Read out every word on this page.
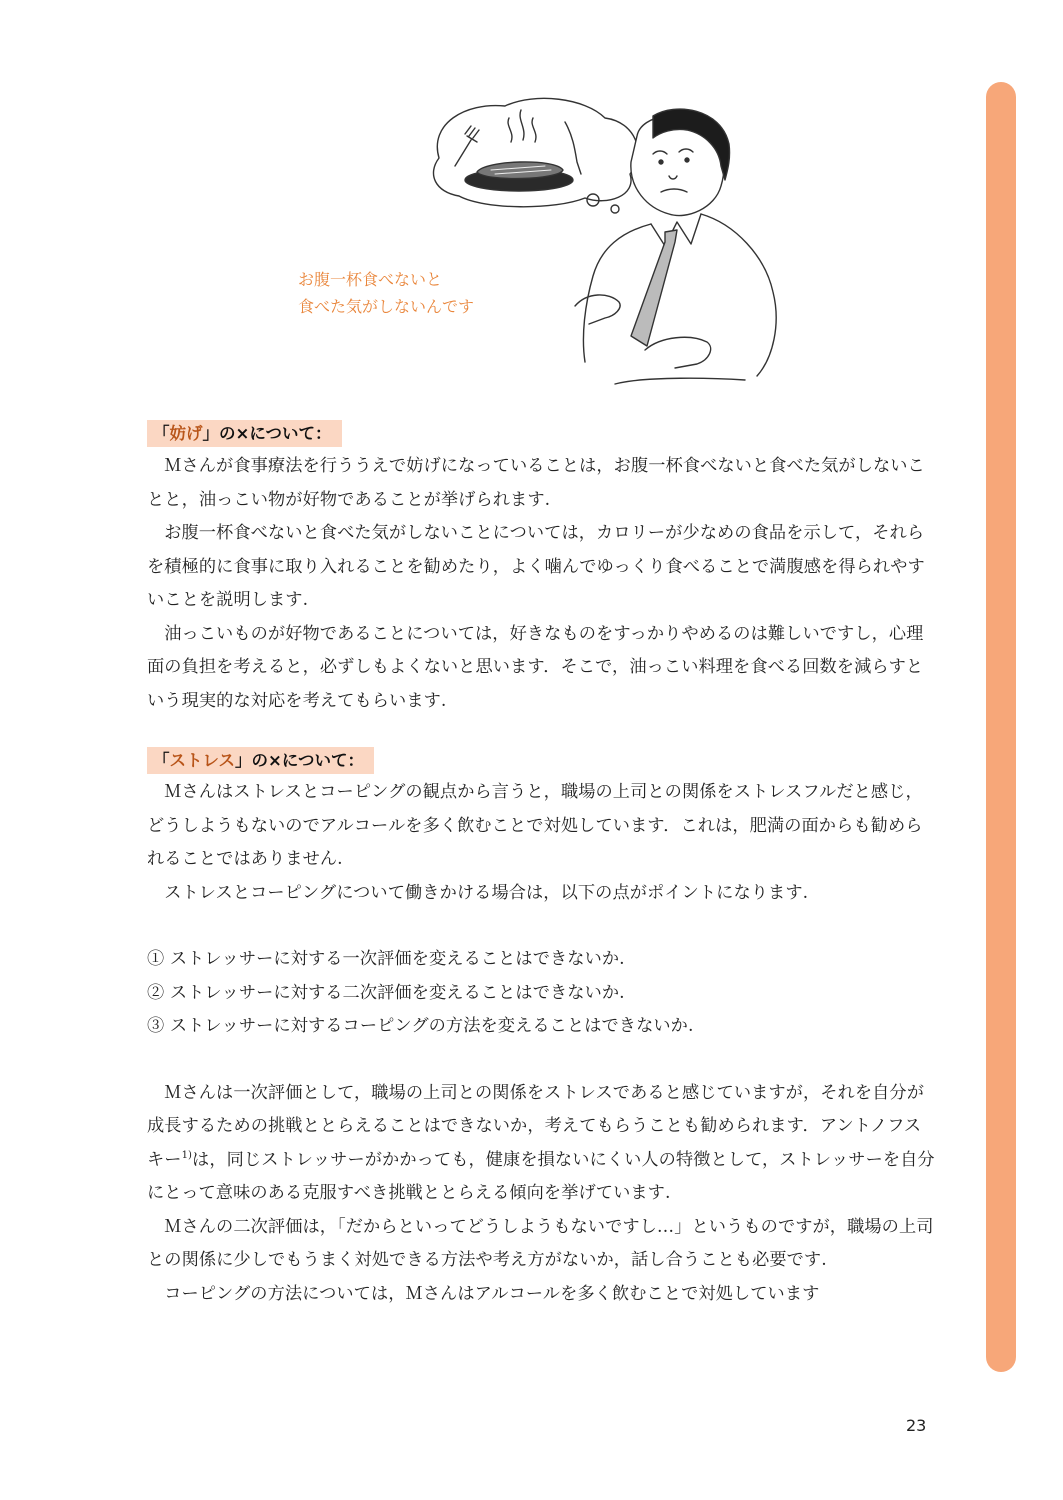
お腹一杯食べないと
食べた気がしないんです
「妨げ」の×について：

Ｍさんが食事療法を行ううえで妨げになっていることは，お腹一杯食べないと食べた気がしないことと，油っこい物が好物であることが挙げられます.

お腹一杯食べないと食べた気がしないことについては，カロリーが少なめの食品を示して，それらを積極的に食事に取り入れることを勧めたり，よく噛んでゆっくり食べることで満腹感を得られやすいことを説明します.

油っこいものが好物であることについては，好きなものをすっかりやめるのは難しいですし，心理面の負担を考えると，必ずしもよくないと思います．そこで，油っこい料理を食べる回数を減らすという現実的な対応を考えてもらいます.

「ストレス」の×について：

Ｍさんはストレスとコーピングの観点から言うと，職場の上司との関係をストレスフルだと感じ，どうしようもないのでアルコールを多く飲むことで対処しています．これは，肥満の面からも勧められることではありません.

ストレスとコーピングについて働きかける場合は，以下の点がポイントになります.

① ストレッサーに対する一次評価を変えることはできないか.

② ストレッサーに対する二次評価を変えることはできないか.

③ ストレッサーに対するコーピングの方法を変えることはできないか.

Ｍさんは一次評価として，職場の上司との関係をストレスであると感じていますが，それを自分が成長するための挑戦ととらえることはできないか，考えてもらうことも勧められます．アントノフスキー$^{1)}$は，同じストレッサーがかかっても，健康を損ないにくい人の特徴として，ストレッサーを自分にとって意味のある克服すべき挑戦ととらえる傾向を挙げています.

Ｍさんの二次評価は，「だからといってどうしようもないですし…」というものですが，職場の上司との関係に少しでもうまく対処できる方法や考え方がないか，話し合うことも必要です.

コーピングの方法については，Ｍさんはアルコールを多く飲むことで対処しています

23
